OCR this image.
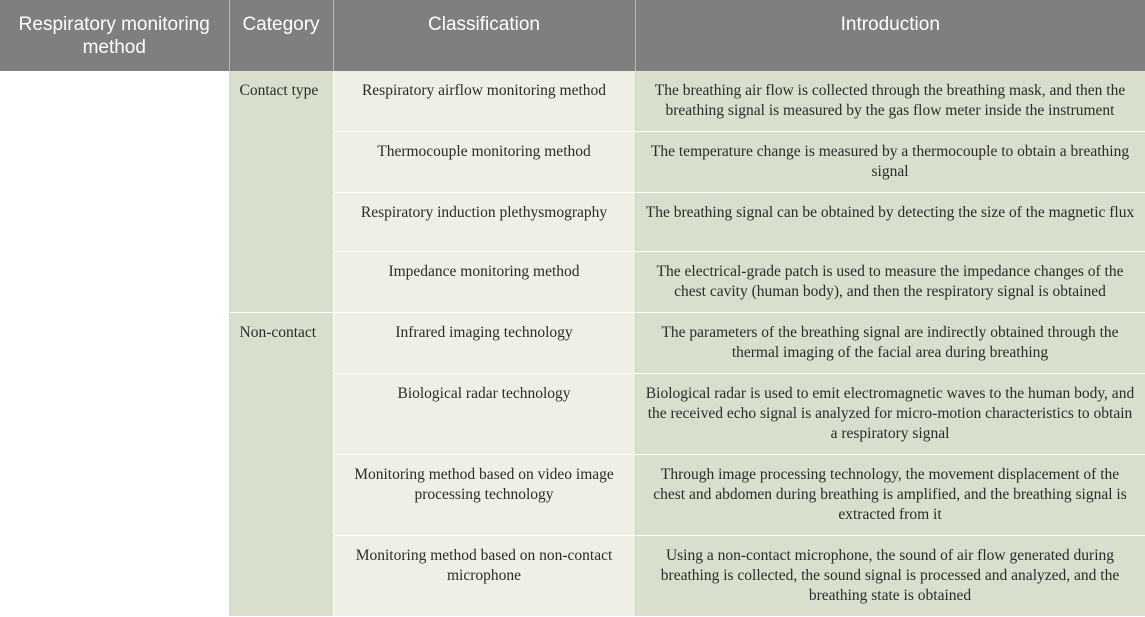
Respiratory monitoring method	Category	Classification	Introduction
	Contact type	Respiratory airflow monitoring method	The breathing air flow is collected through the breathing mask, and then the breathing signal is measured by the gas flow meter inside the instrument
		Thermocouple monitoring method	The temperature change is measured by a thermocouple to obtain a breathing signal
		Respiratory induction plethysmography	The breathing signal can be obtained by detecting the size of the magnetic flux
		Impedance monitoring method	The electrical-grade patch is used to measure the impedance changes of the chest cavity (human body), and then the respiratory signal is obtained
	Non-contact	Infrared imaging technology	The parameters of the breathing signal are indirectly obtained through the thermal imaging of the facial area during breathing
		Biological radar technology	Biological radar is used to emit electromagnetic waves to the human body, and the received echo signal is analyzed for micro-motion characteristics to obtain a respiratory signal
		Monitoring method based on video image processing technology	Through image processing technology, the movement displacement of the chest and abdomen during breathing is amplified, and the breathing signal is extracted from it
		Monitoring method based on non-contact microphone	Using a non-contact microphone, the sound of air flow generated during breathing is collected, the sound signal is processed and analyzed, and the breathing state is obtained
